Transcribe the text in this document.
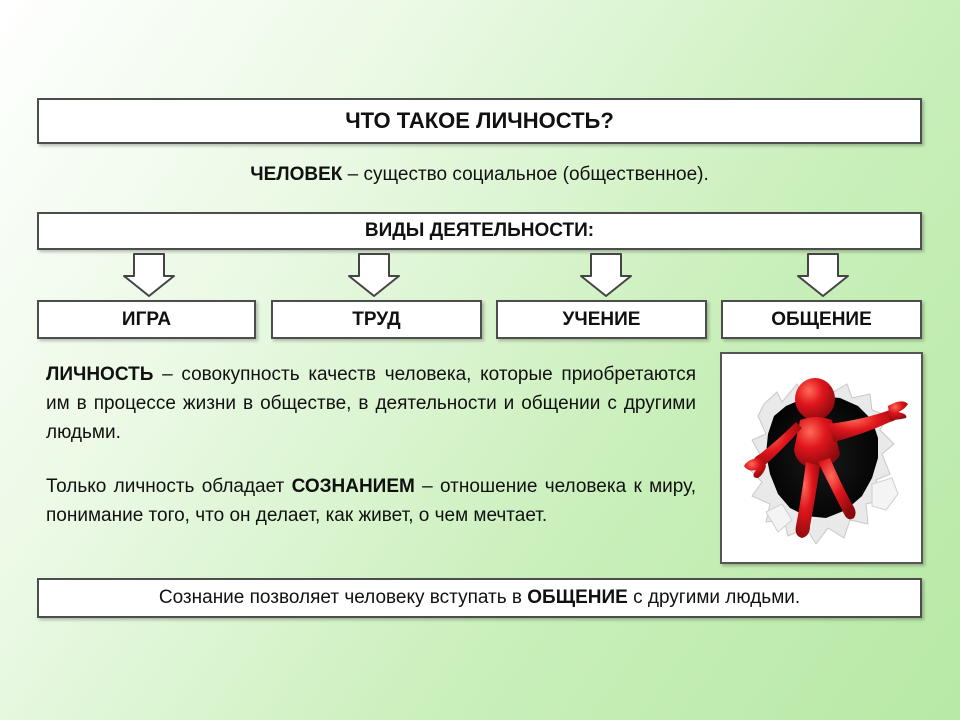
ЧТО ТАКОЕ ЛИЧНОСТЬ?
ЧЕЛОВЕК – существо социальное (общественное).
ВИДЫ ДЕЯТЕЛЬНОСТИ:
ИГРА	ТРУД	УЧЕНИЕ	ОБЩЕНИЕ
ЛИЧНОСТЬ – совокупность качеств человека, которые приобретаются им в процессе жизни в обществе, в деятельности и общении с другими людьми.
Только личность обладает СОЗНАНИЕМ – отношение человека к миру, понимание того, что он делает, как живет, о чем мечтает.
Сознание позволяет человеку вступать в ОБЩЕНИЕ с другими людьми.
